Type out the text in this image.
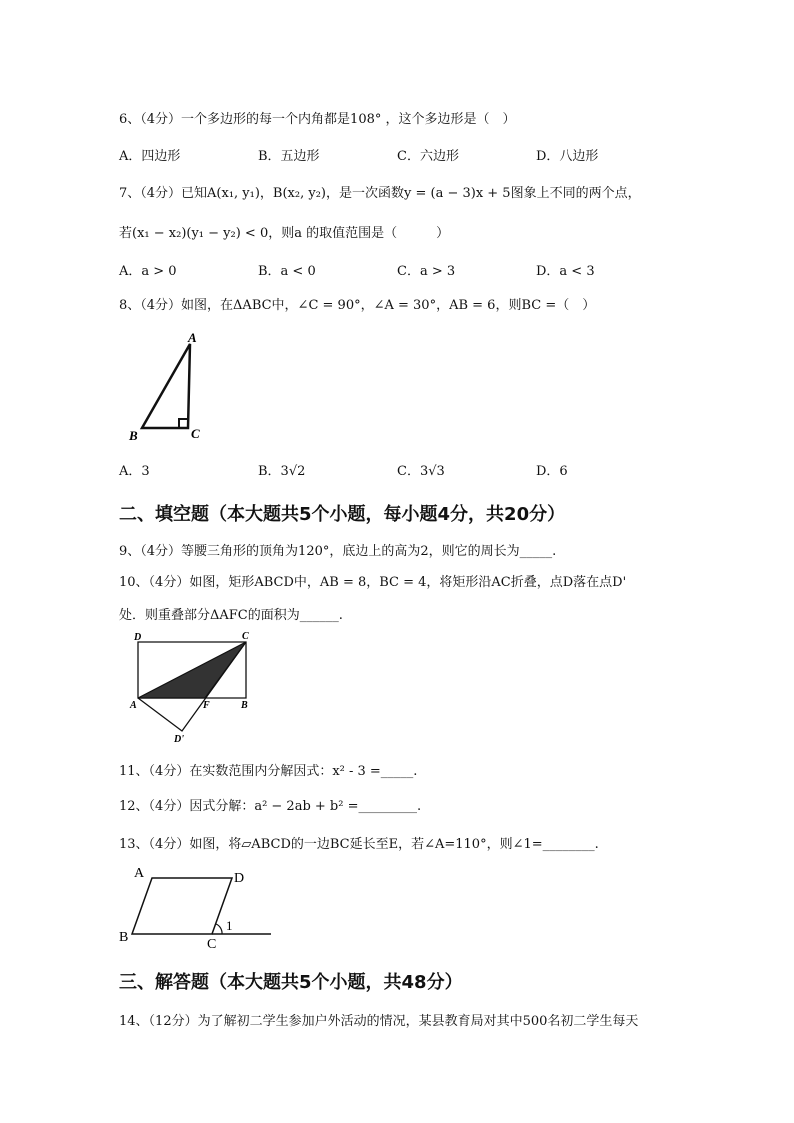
6、（4分）一个多边形的每一个内角都是108° ，这个多边形是（　）
A．四边形	B．五边形	C．六边形	D．八边形
7、（4分）已知A(x₁, y₁)，B(x₂, y₂)，是一次函数y = (a − 3)x + 5图象上不同的两个点，
若(x₁ − x₂)(y₁ − y₂) < 0，则a 的取值范围是（　　　）
A．a > 0	B．a < 0	C．a > 3	D．a < 3
8、（4分）如图，在ΔABC中，∠C = 90°，∠A = 30°，AB = 6，则BC =（　）
A
B	C
A．3	B．3√2	C．3√3	D．6
二、填空题（本大题共5个小题，每小题4分，共20分）
9、（4分）等腰三角形的顶角为120°，底边上的高为2，则它的周长为_____.
10、（4分）如图，矩形ABCD中，AB = 8，BC = 4，将矩形沿AC折叠，点D落在点D'
处．则重叠部分ΔAFC的面积为______.
D	C
A	F	B
D'
11、（4分）在实数范围内分解因式：x² - 3 =_____.
12、（4分）因式分解：a² − 2ab + b² =_________.
13、（4分）如图，将▱ABCD的一边BC延长至E，若∠A=110°，则∠1=________.
A	D
B	C
1
三、解答题（本大题共5个小题，共48分）
14、（12分）为了解初二学生参加户外活动的情况，某县教育局对其中500名初二学生每天
